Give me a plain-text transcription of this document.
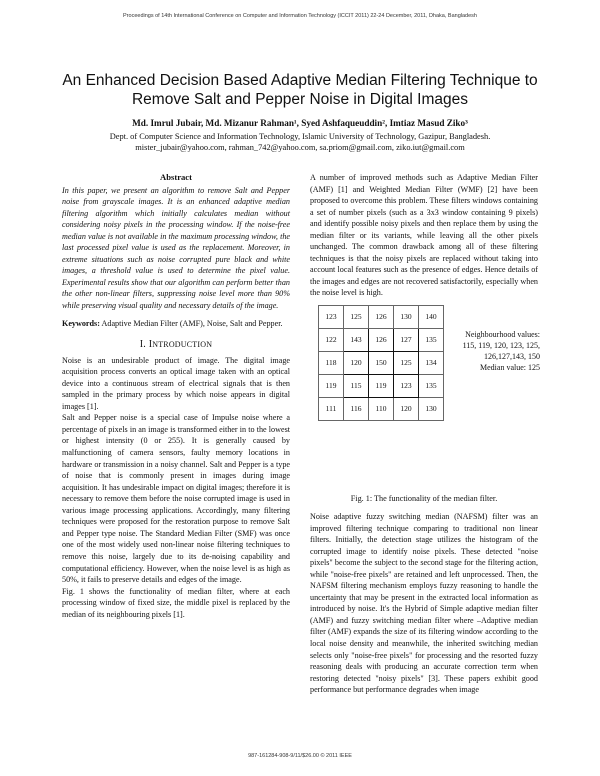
Proceedings of 14th International Conference on Computer and Information Technology (ICCIT 2011) 22-24 December, 2011, Dhaka, Bangladesh
An Enhanced Decision Based Adaptive Median Filtering Technique to Remove Salt and Pepper Noise in Digital Images
Md. Imrul Jubair, Md. Mizanur Rahman¹, Syed Ashfaqueuddin², Imtiaz Masud Ziko³
Dept. of Computer Science and Information Technology, Islamic University of Technology, Gazipur, Bangladesh.
mister_jubair@yahoo.com, rahman_742@yahoo.com, sa.priom@gmail.com, ziko.iut@gmail.com
Abstract

In this paper, we present an algorithm to remove Salt and Pepper noise from grayscale images. It is an enhanced adaptive median filtering algorithm which initially calculates median without considering noisy pixels in the processing window. If the noise-free median value is not available in the maximum processing window, the last processed pixel value is used as the replacement. Moreover, in extreme situations such as noise corrupted pure black and white images, a threshold value is used to determine the pixel value. Experimental results show that our algorithm can perform better than the other non-linear filters, suppressing noise level more than 90% while preserving visual quality and necessary details of the image.

Keywords: Adaptive Median Filter (AMF), Noise, Salt and Pepper.

I. INTRODUCTION

Noise is an undesirable product of image. The digital image acquisition process converts an optical image taken with an optical device into a continuous stream of electrical signals that is then sampled in the primary process by which noise appears in digital images [1].

Salt and Pepper noise is a special case of Impulse noise where a percentage of pixels in an image is transformed either in to the lowest or highest intensity (0 or 255). It is generally caused by malfunctioning of camera sensors, faulty memory locations in hardware or transmission in a noisy channel. Salt and Pepper is a type of noise that is commonly present in images during image acquisition. It has undesirable impact on digital images; therefore it is necessary to remove them before the noise corrupted image is used in various image processing applications. Accordingly, many filtering techniques were proposed for the restoration purpose to remove Salt and Pepper type noise. The Standard Median Filter (SMF) was once one of the most widely used non-linear noise filtering techniques to remove this noise, largely due to its de-noising capability and computational efficiency. However, when the noise level is as high as 50%, it fails to preserve details and edges of the image.

Fig. 1 shows the functionality of median filter, where at each processing window of fixed size, the middle pixel is replaced by the median of its neighbouring pixels [1].

A number of improved methods such as Adaptive Median Filter (AMF) [1] and Weighted Median Filter (WMF) [2] have been proposed to overcome this problem. These filters windows containing a set of number pixels (such as a 3x3 window containing 9 pixels) and identify possible noisy pixels and then replace them by using the median filter or its variants, while leaving all the other pixels unchanged. The common drawback among all of these filtering techniques is that the noisy pixels are replaced without taking into account local features such as the presence of edges. Hence details of the images and edges are not recovered satisfactorily, especially when the noise level is high.

123	125	126	130	140
122	143	126	127	135
118	120	150	125	134
119	115	119	123	135
111	116	110	120	130
Neighbourhood values:
115, 119, 120, 123, 125, 126,127,143, 150
Median value: 125
Fig. 1: The functionality of the median filter.

Noise adaptive fuzzy switching median (NAFSM) filter was an improved filtering technique comparing to traditional non linear filters. Initially, the detection stage utilizes the histogram of the corrupted image to identify noise pixels. These detected "noise pixels" become the subject to the second stage for the filtering action, while "noise-free pixels" are retained and left unprocessed. Then, the NAFSM filtering mechanism employs fuzzy reasoning to handle the uncertainty that may be present in the extracted local information as introduced by noise. It's the Hybrid of Simple adaptive median filter (AMF) and fuzzy switching median filter where –Adaptive median filter (AMF) expands the size of its filtering window according to the local noise density and meanwhile, the inherited switching median selects only "noise-free pixels" for processing and the resorted fuzzy reasoning deals with producing an accurate correction term when restoring detected "noisy pixels" [3]. These papers exhibit good performance but performance degrades when image

987-161284-908-9/11/$26.00 © 2011 IEEE
